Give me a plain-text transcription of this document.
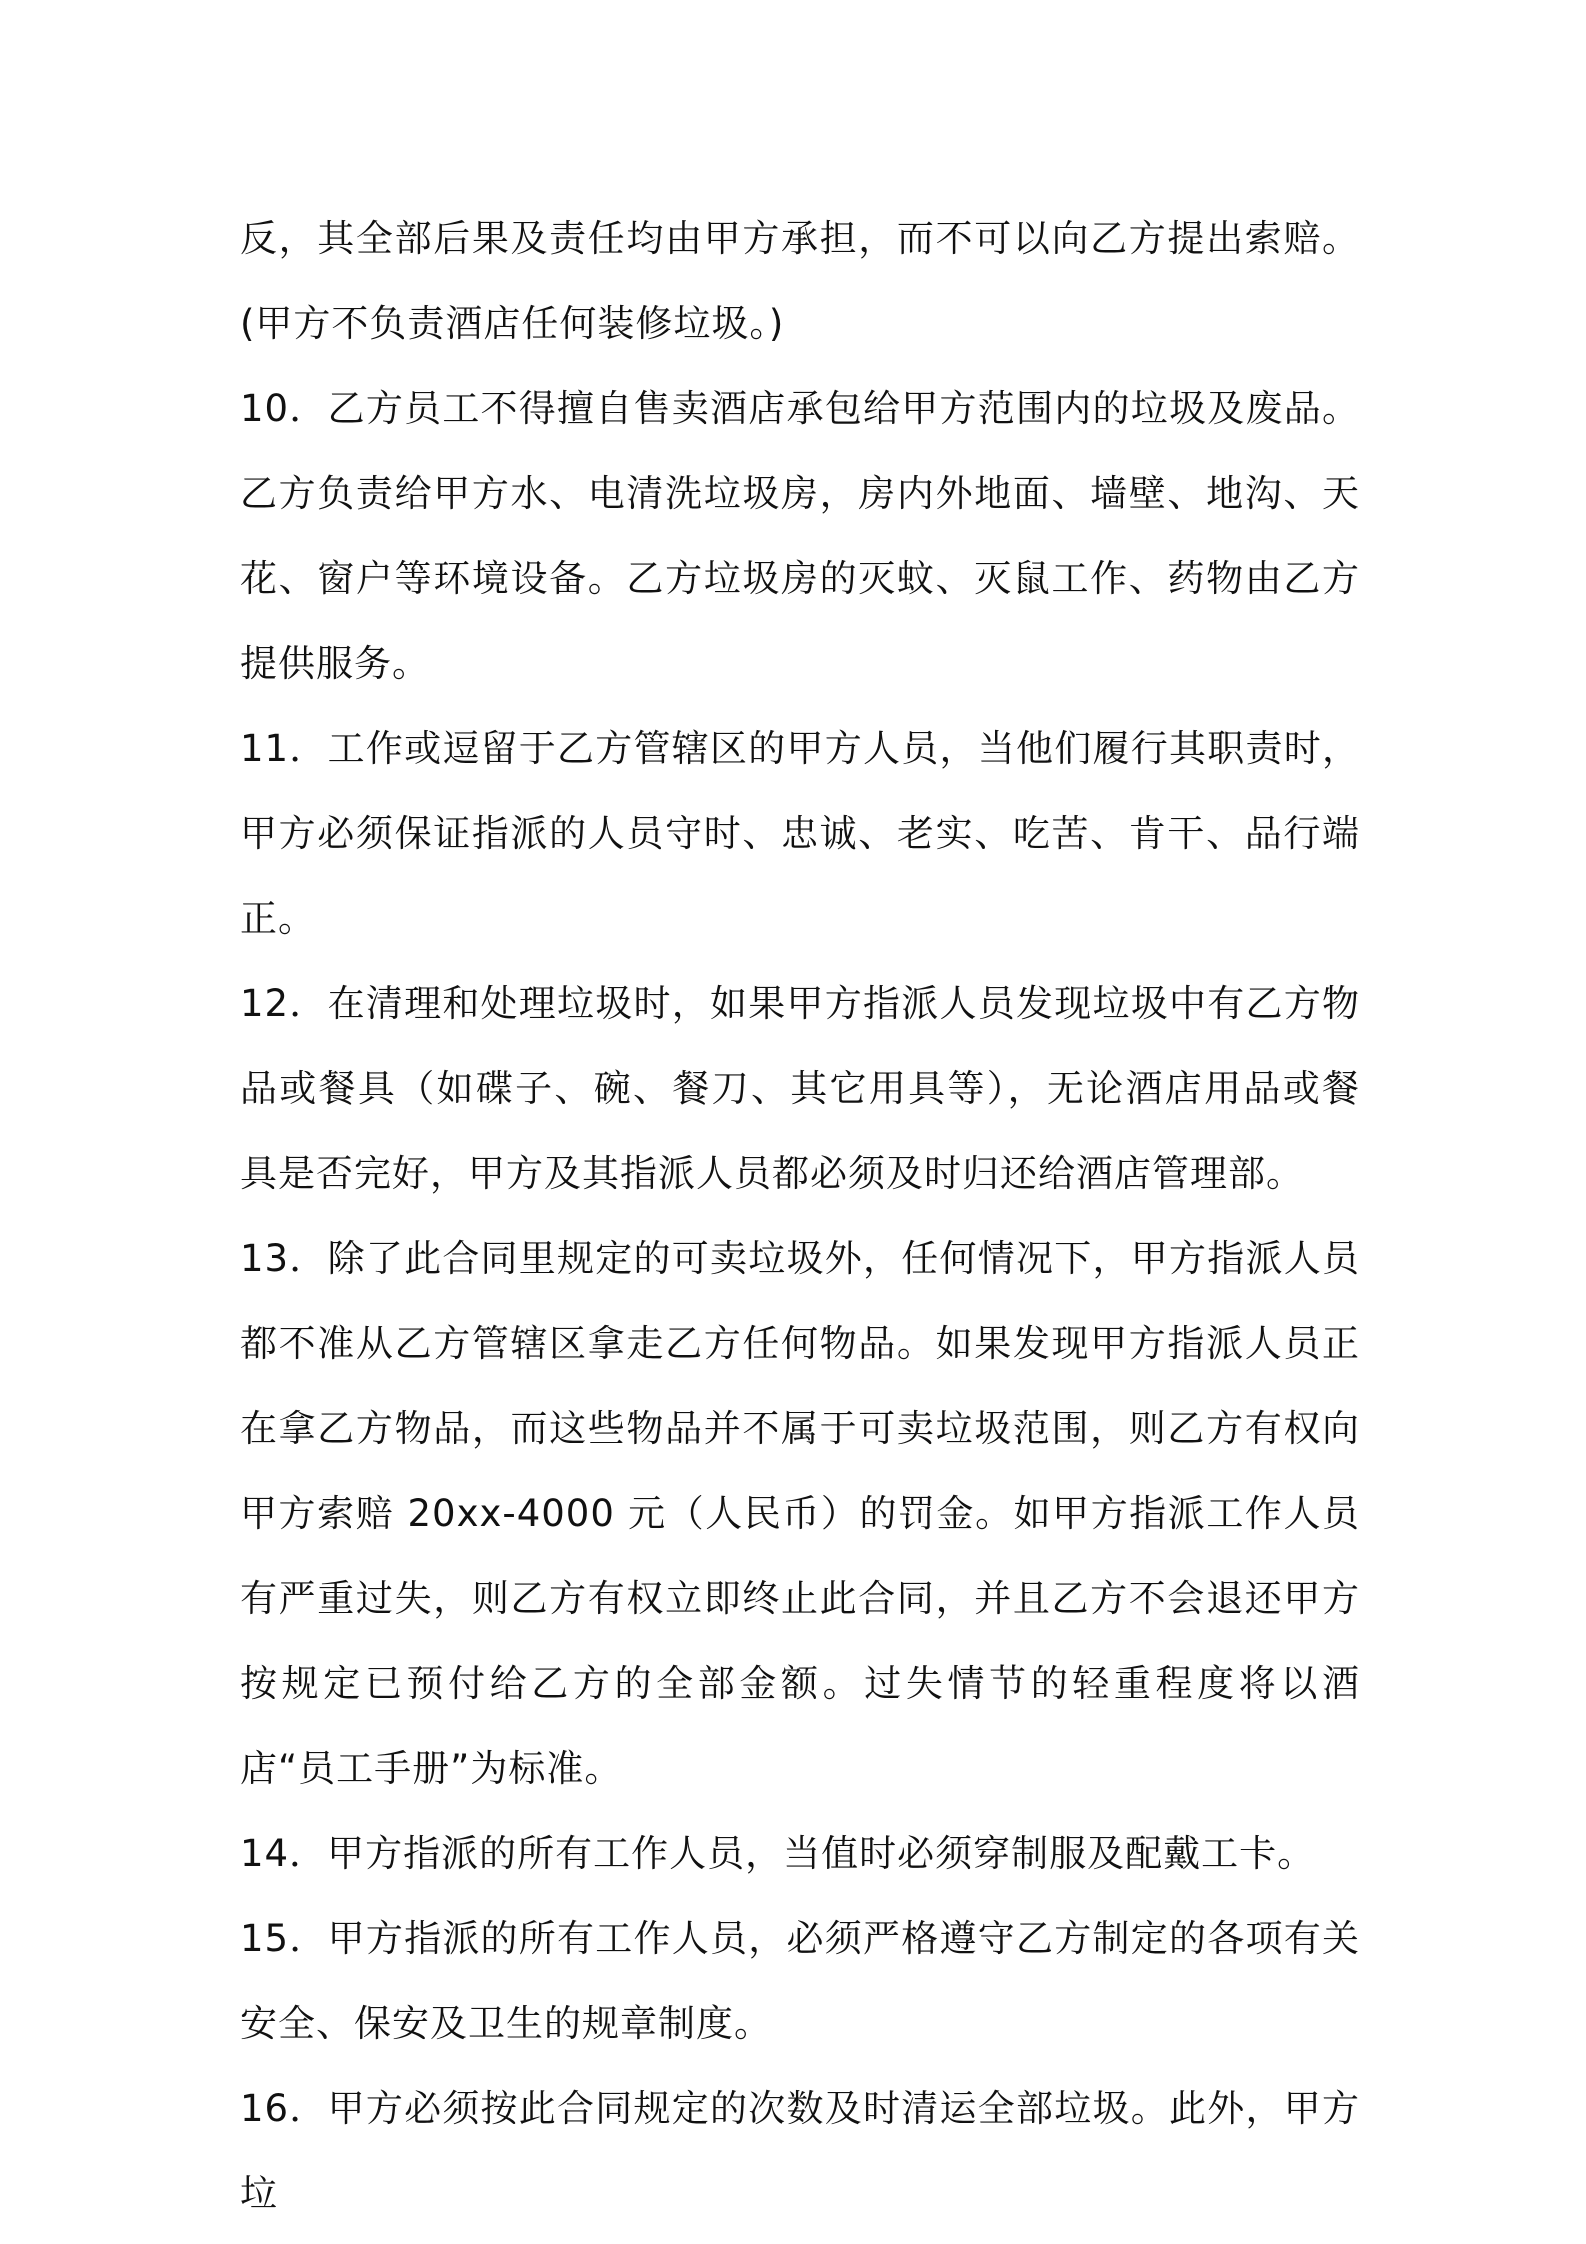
反，其全部后果及责任均由甲方承担，而不可以向乙方提出索赔。(甲方不负责酒店任何装修垃圾。)

10．乙方员工不得擅自售卖酒店承包给甲方范围内的垃圾及废品。乙方负责给甲方水、电清洗垃圾房，房内外地面、墙壁、地沟、天花、窗户等环境设备。乙方垃圾房的灭蚊、灭鼠工作、药物由乙方提供服务。

11．工作或逗留于乙方管辖区的甲方人员，当他们履行其职责时，甲方必须保证指派的人员守时、忠诚、老实、吃苦、肯干、品行端正。

12．在清理和处理垃圾时，如果甲方指派人员发现垃圾中有乙方物品或餐具（如碟子、碗、餐刀、其它用具等），无论酒店用品或餐具是否完好，甲方及其指派人员都必须及时归还给酒店管理部。

13．除了此合同里规定的可卖垃圾外，任何情况下，甲方指派人员都不准从乙方管辖区拿走乙方任何物品。如果发现甲方指派人员正在拿乙方物品，而这些物品并不属于可卖垃圾范围，则乙方有权向甲方索赔 20xx-4000 元（人民币）的罚金。如甲方指派工作人员有严重过失，则乙方有权立即终止此合同，并且乙方不会退还甲方按规定已预付给乙方的全部金额。过失情节的轻重程度将以酒店“员工手册”为标准。

14．甲方指派的所有工作人员，当值时必须穿制服及配戴工卡。

15．甲方指派的所有工作人员，必须严格遵守乙方制定的各项有关安全、保安及卫生的规章制度。

16．甲方必须按此合同规定的次数及时清运全部垃圾。此外，甲方垃
